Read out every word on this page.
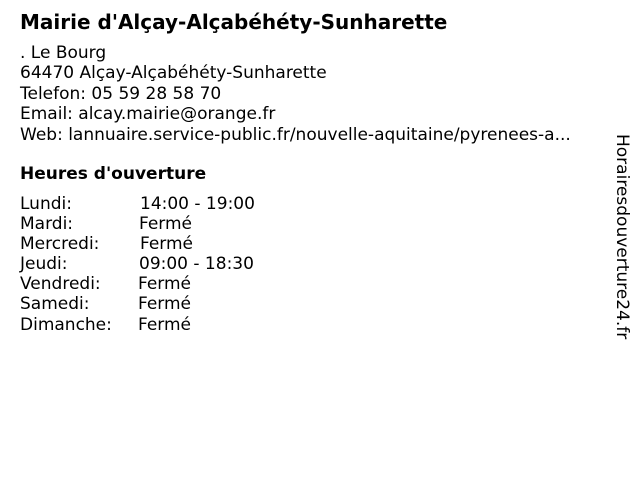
Mairie d'Alçay-Alçabéhéty-Sunharette
. Le Bourg
64470 Alçay-Alçabéhéty-Sunharette
Telefon: 05 59 28 58 70
Email: alcay.mairie@orange.fr
Web: lannuaire.service-public.fr/nouvelle-aquitaine/pyrenees-a...
Heures d'ouverture
Lundi:	14:00 - 19:00
Mardi:	Fermé
Mercredi: Fermé
Jeudi:	09:00 - 18:30
Vendredi: Fermé
Samedi:	Fermé
Dimanche: Fermé	Horairesdouverture24.fr
